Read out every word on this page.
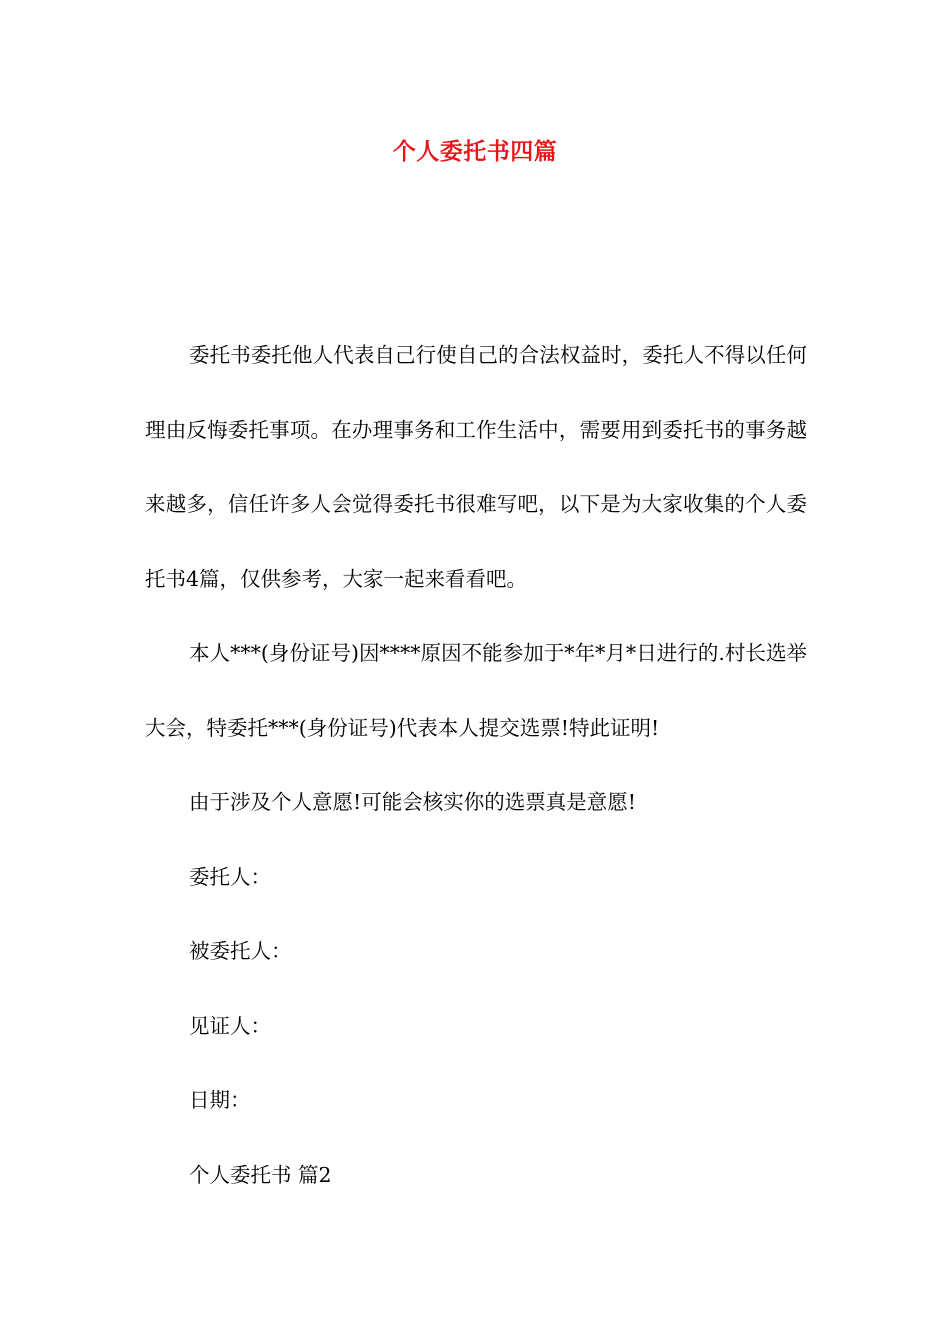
个人委托书四篇

委托书委托他人代表自己行使自己的合法权益时，委托人不得以任何理由反悔委托事项。在办理事务和工作生活中，需要用到委托书的事务越来越多，信任许多人会觉得委托书很难写吧，以下是为大家收集的个人委托书4篇，仅供参考，大家一起来看看吧。

本人***(身份证号)因****原因不能参加于*年*月*日进行的.村长选举大会，特委托***(身份证号)代表本人提交选票!特此证明!

由于涉及个人意愿!可能会核实你的选票真是意愿!

委托人：

被委托人：

见证人：

日期：

个人委托书 篇2
